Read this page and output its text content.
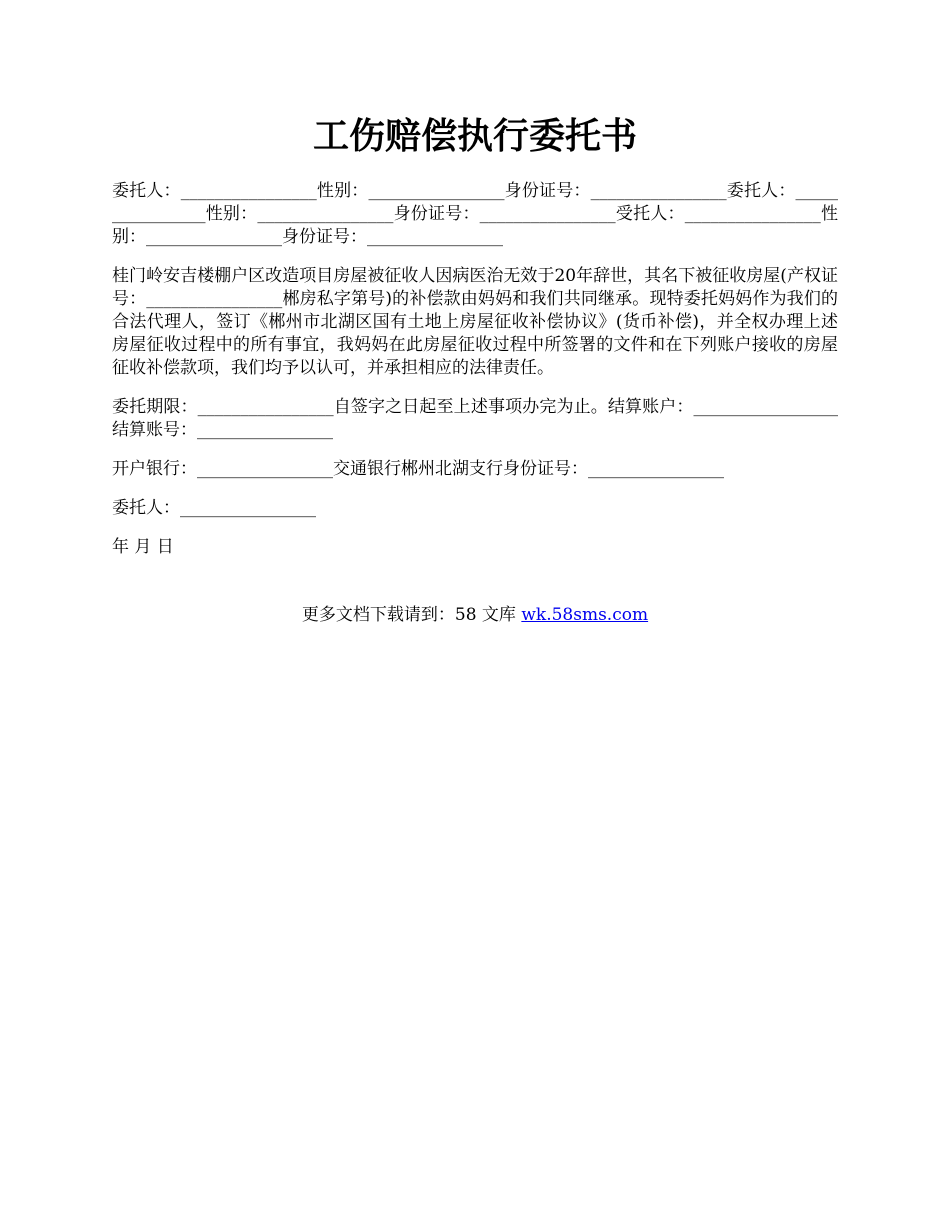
工伤赔偿执行委托书

委托人：________________性别：________________身份证号：________________委托人：________________性别：________________身份证号：________________受托人：________________性别：________________身份证号：________________

桂门岭安吉楼棚户区改造项目房屋被征收人因病医治无效于20年辞世，其名下被征收房屋(产权证号：________________郴房私字第号)的补偿款由妈妈和我们共同继承。现特委托妈妈作为我们的合法代理人，签订《郴州市北湖区国有土地上房屋征收补偿协议》(货币补偿)，并全权办理上述房屋征收过程中的所有事宜，我妈妈在此房屋征收过程中所签署的文件和在下列账户接收的房屋征收补偿款项，我们均予以认可，并承担相应的法律责任。

委托期限：________________自签字之日起至上述事项办完为止。结算账户：_________________结算账号：________________

开户银行：________________交通银行郴州北湖支行身份证号：________________

委托人：________________

年 月 日

更多文档下载请到：58 文库 wk.58sms.com
